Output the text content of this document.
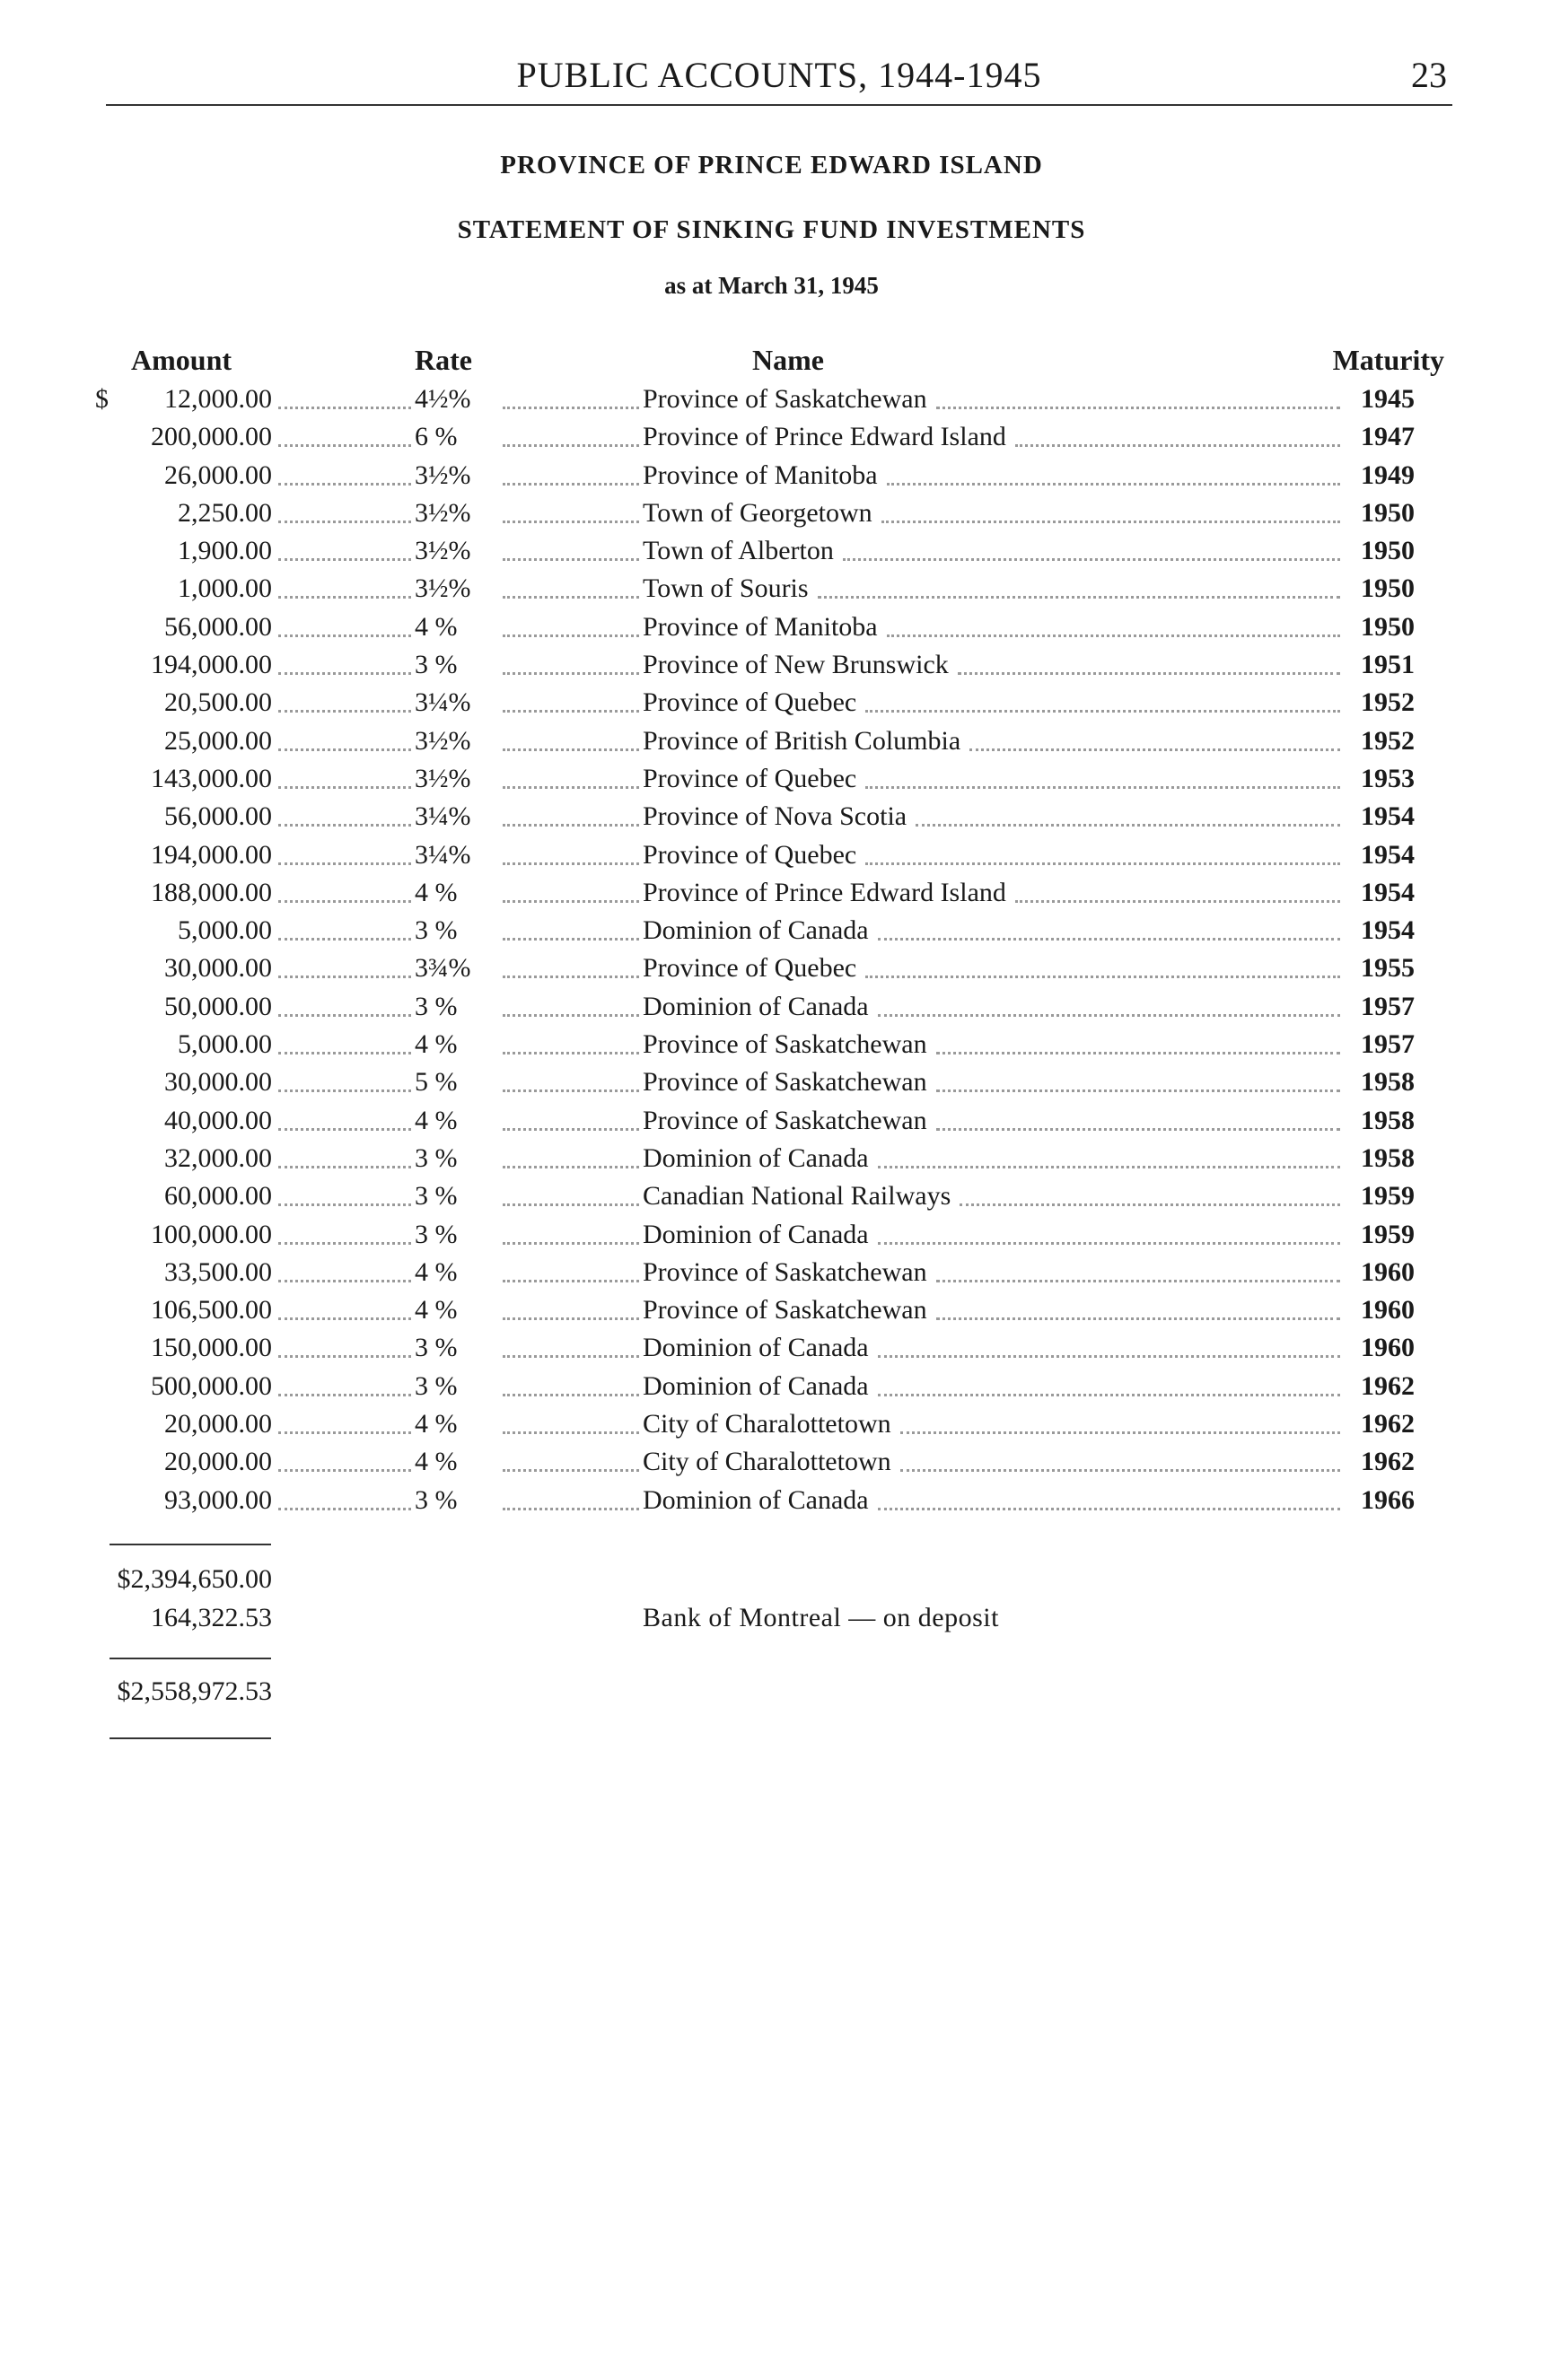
PUBLIC ACCOUNTS, 1944-1945	23
PROVINCE OF PRINCE EDWARD ISLAND
STATEMENT OF SINKING FUND INVESTMENTS
as at March 31, 1945
Amount	Rate	Name	Maturity
$ 12,000.00	4½%	Province of Saskatchewan	1945
200,000.00	6 %	Province of Prince Edward Island	1947
26,000.00	3½%	Province of Manitoba	1949
2,250.00	3½%	Town of Georgetown	1950
1,900.00	3½%	Town of Alberton	1950
1,000.00	3½%	Town of Souris	1950
56,000.00	4 %	Province of Manitoba	1950
194,000.00	3 %	Province of New Brunswick	1951
20,500.00	3¼%	Province of Quebec	1952
25,000.00	3½%	Province of British Columbia	1952
143,000.00	3½%	Province of Quebec	1953
56,000.00	3¼%	Province of Nova Scotia	1954
194,000.00	3¼%	Province of Quebec	1954
188,000.00	4 %	Province of Prince Edward Island	1954
5,000.00	3 %	Dominion of Canada	1954
30,000.00	3¾%	Province of Quebec	1955
50,000.00	3 %	Dominion of Canada	1957
5,000.00	4 %	Province of Saskatchewan	1957
30,000.00	5 %	Province of Saskatchewan	1958
40,000.00	4 %	Province of Saskatchewan	1958
32,000.00	3 %	Dominion of Canada	1958
60,000.00	3 %	Canadian National Railways	1959
100,000.00	3 %	Dominion of Canada	1959
33,500.00	4 %	Province of Saskatchewan	1960
106,500.00	4 %	Province of Saskatchewan	1960
150,000.00	3 %	Dominion of Canada	1960
500,000.00	3 %	Dominion of Canada	1962
20,000.00	4 %	City of Charalottetown	1962
20,000.00	4 %	City of Charalottetown	1962
93,000.00	3 %	Dominion of Canada	1966
$2,394,650.00
164,322.53	Bank of Montreal — on deposit
$2,558,972.53
